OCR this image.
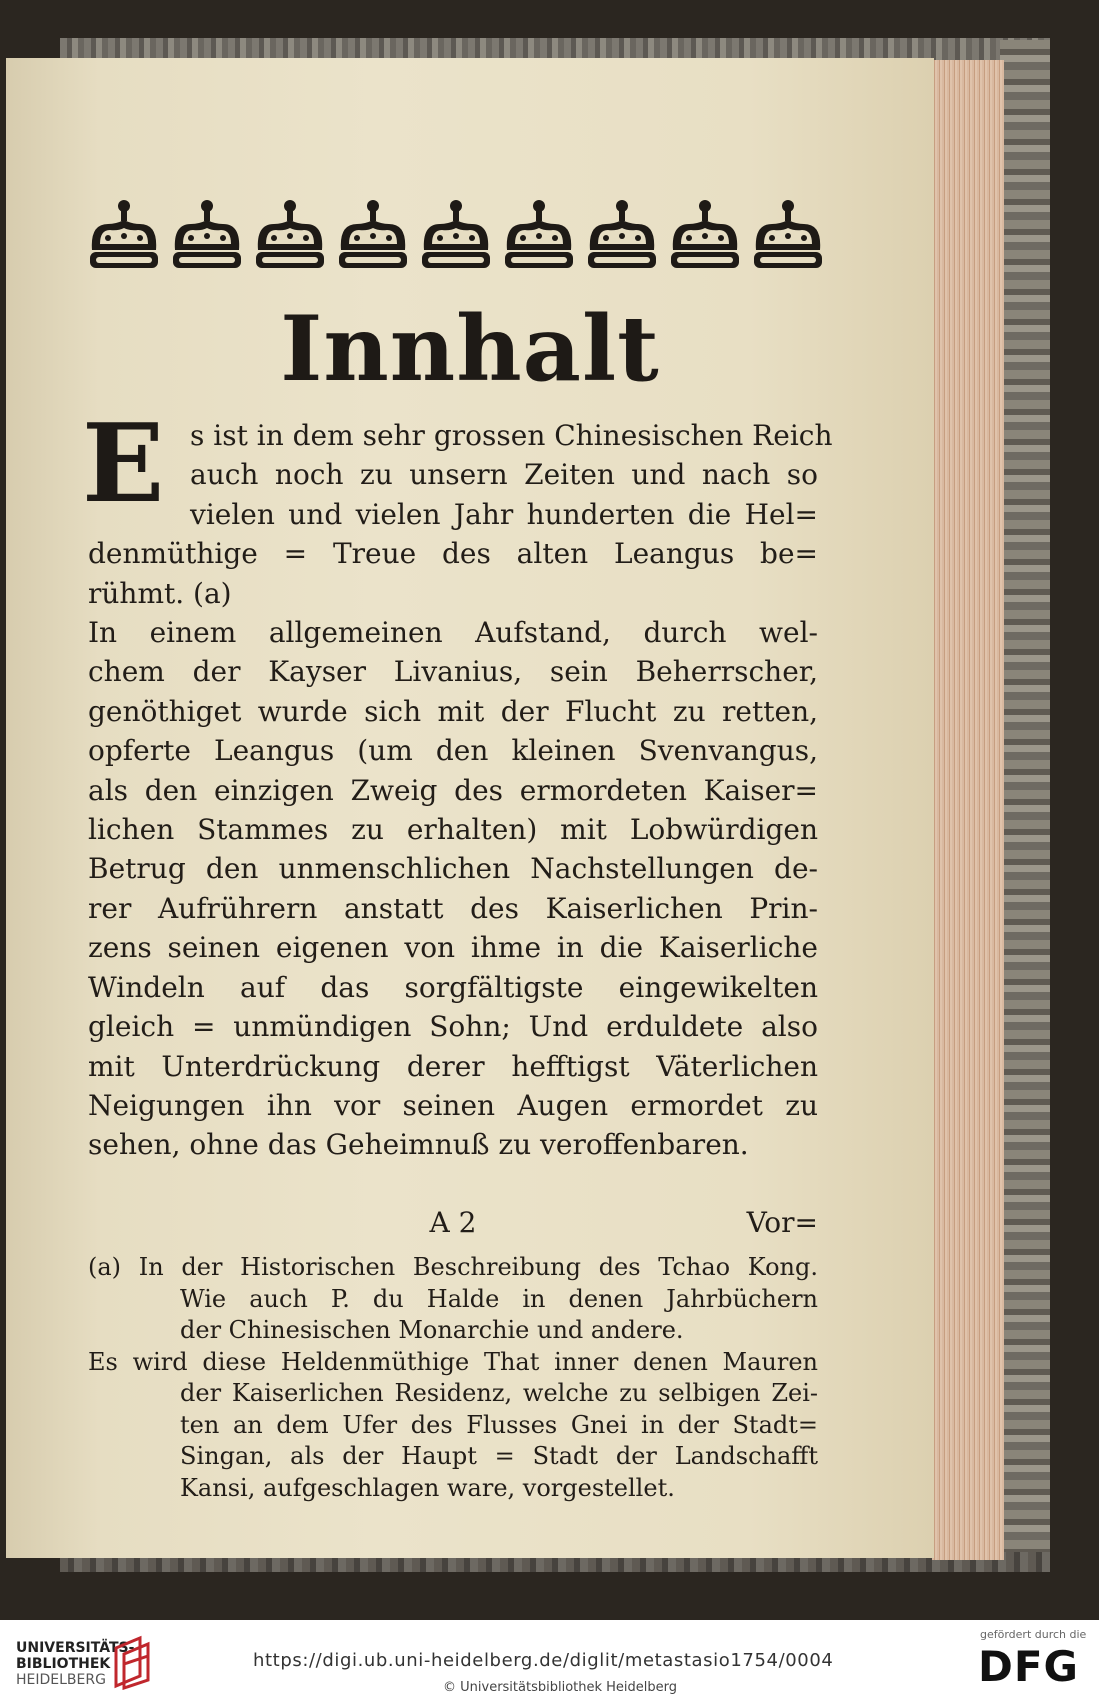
Innhalt
E s ist in dem sehr grossen Chinesischen Reich
auch noch zu unsern Zeiten und nach so
vielen und vielen Jahr hunderten die Hel=
denmüthige = Treue des alten Leangus be=
rühmt. (a)
In einem allgemeinen Aufstand, durch wel-
chem der Kayser Livanius, sein Beherrscher,
genöthiget wurde sich mit der Flucht zu retten,
opferte Leangus (um den kleinen Svenvangus,
als den einzigen Zweig des ermordeten Kaiser=
lichen Stammes zu erhalten) mit Lobwürdigen
Betrug den unmenschlichen Nachstellungen de-
rer Aufrührern anstatt des Kaiserlichen Prin-
zens seinen eigenen von ihme in die Kaiserliche
Windeln auf das sorgfältigste eingewikelten
gleich = unmündigen Sohn; Und erduldete also
mit Unterdrückung derer hefftigst Väterlichen
Neigungen ihn vor seinen Augen ermordet zu
sehen, ohne das Geheimnuß zu veroffenbaren.
A 2	Vor=
(a) In der Historischen Beschreibung des Tchao Kong.
Wie auch P. du Halde in denen Jahrbüchern
der Chinesischen Monarchie und andere.
Es wird diese Heldenmüthige That inner denen Mauren
der Kaiserlichen Residenz, welche zu selbigen Zei-
ten an dem Ufer des Flusses Gnei in der Stadt=
Singan, als der Haupt = Stadt der Landschafft
Kansi, aufgeschlagen ware, vorgestellet.
UNIVERSITÄTS-
BIBLIOTHEK
HEIDELBERG
https://digi.ub.uni-heidelberg.de/diglit/metastasio1754/0004
© Universitätsbibliothek Heidelberg
gefördert durch die
DFG
